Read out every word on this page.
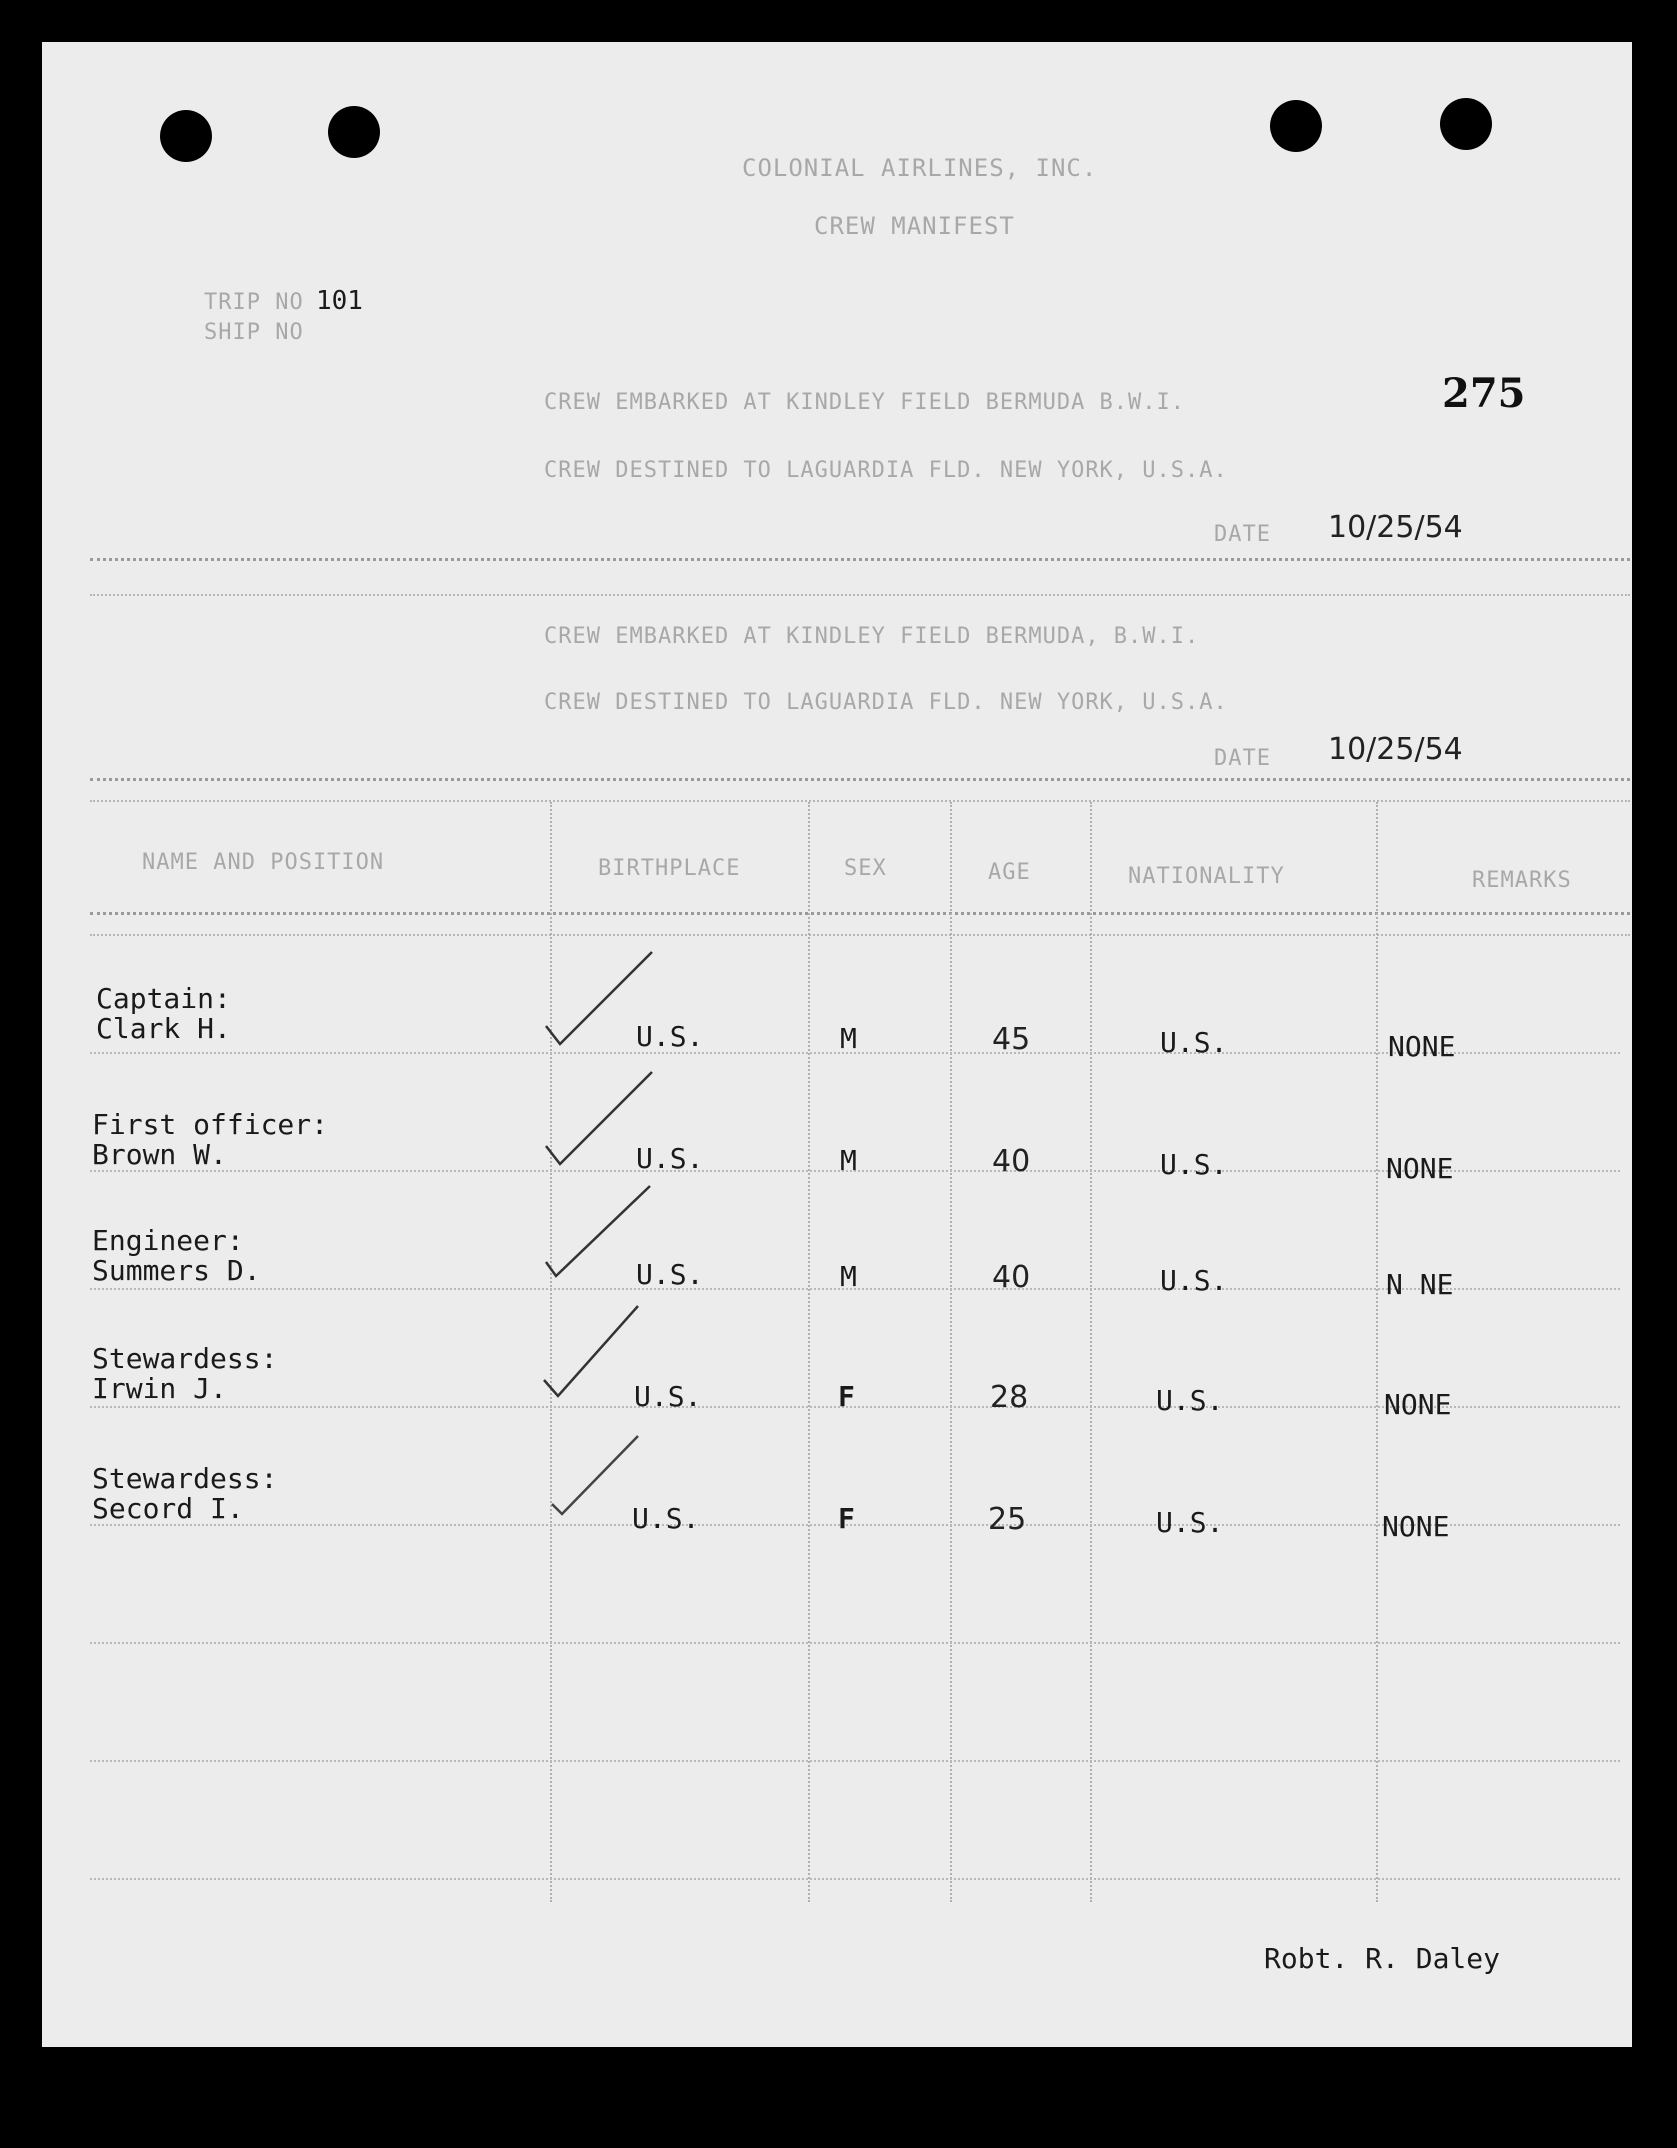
COLONIAL AIRLINES, INC.
CREW MANIFEST
TRIP NO 101
SHIP NO
275
CREW EMBARKED AT KINDLEY FIELD BERMUDA B.W.I.
CREW DESTINED TO LAGUARDIA FLD. NEW YORK, U.S.A.
DATE 10/25/54
CREW EMBARKED AT KINDLEY FIELD BERMUDA, B.W.I.
CREW DESTINED TO LAGUARDIA FLD. NEW YORK, U.S.A.
DATE 10/25/54
NAME AND POSITION	BIRTHPLACE	SEX	AGE	NATIONALITY	REMARKS
Captain:
Clark H.	U.S.	M	45	U.S.	NONE
First officer:
Brown W.	U.S.	M	40	U.S.	NONE
Engineer:
Summers D.	U.S.	M	40	U.S.	N NE
Stewardess:
Irwin J.	U.S.	F	28	U.S.	NONE
Stewardess:
Secord I.	U.S.	F	25	U.S.	NONE
Robt. R. Daley
